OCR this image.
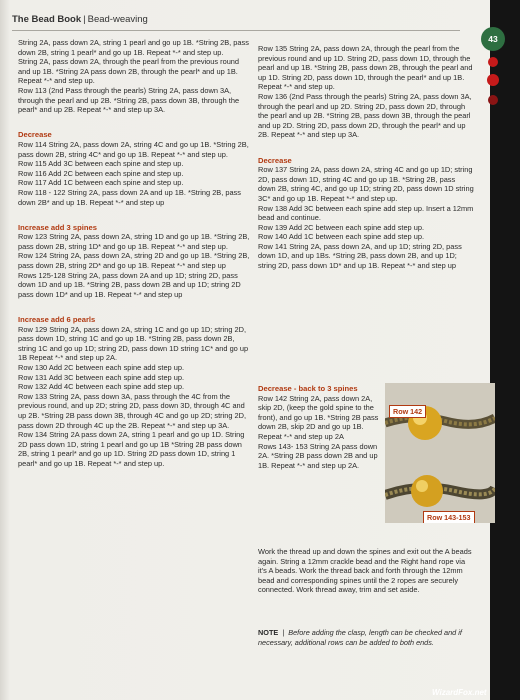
The Bead Book | Bead-weaving
43

String 2A, pass down 2A, string 1 pearl and go up 1B. *String 2B, pass down 2B, string 1 pearl* and go up 1B. Repeat *-* and step up.

String 2A, pass down 2A, through the pearl from the previous round and up 1B. *String 2A pass down 2B, through the pearl* and up 1B. Repeat *-* and step up.

Row 113 (2nd Pass through the pearls) String 2A, pass down 3A, through the pearl and up 2B. *String 2B, pass down 3B, through the pearl* and up 2B. Repeat *-* and step up 3A.

Decrease

Row 114 String 2A, pass down 2A, string 4C and go up 1B. *String 2B, pass down 2B, string 4C* and go up 1B. Repeat *-* and step up.

Row 115 Add 3C between each spine and step up.

Row 116 Add 2C between each spine and step up.

Row 117 Add 1C between each spine and step up.

Row 118 - 122 String 2A, pass down 2A and up 1B. *String 2B, pass down 2B* and up 1B. Repeat *-* and step up

Increase add 3 spines

Row 123 String 2A, pass down 2A, string 1D and go up 1B. *String 2B, pass down 2B, string 1D* and go up 1B. Repeat *-* and step up.

Row 124 String 2A, pass down 2A, string 2D and go up 1B. *String 2B, pass down 2B, string 2D* and go up 1B. Repeat *-* and step up

Rows 125-128 String 2A, pass down 2A and up 1D; string 2D, pass down 1D and up 1B. *String 2B, pass down 2B and up 1D; string 2D pass down 1D* and up 1B. Repeat *-* and step up

Increase add 6 pearls

Row 129 String 2A, pass down 2A, string 1C and go up 1D; string 2D, pass down 1D, string 1C and go up 1B. *String 2B, pass down 2B, string 1C and go up 1D; string 2D, pass down 1D string 1C* and go up 1B Repeat *-* and step up 2A.

Row 130 Add 2C between each spine add step up.

Row 131 Add 3C between each spine add step up.

Row 132 Add 4C between each spine add step up.

Row 133 String 2A, pass down 3A, pass through the 4C from the previous round, and up 2D; string 2D, pass down 3D, through 4C and up 2B. *String 2B pass down 3B, through 4C and go up 2D; string 2D, pass down 2D through 4C up the 2B. Repeat *-* and step up 3A.

Row 134 String 2A pass down 2A, string 1 pearl and go up 1D. String 2D pass down 1D, string 1 pearl and go up 1B *String 2B pass down 2B, string 1 pearl* and go up 1D. String 2D pass down 1D, string 1 pearl* and go up 1B. Repeat *-* and step up.

Row 135 String 2A, pass down 2A, through the pearl from the previous round and up 1D. String 2D, pass down 1D, through the pearl and up 1B. *String 2B, pass down 2B, through the pearl and up 1D. String 2D, pass down 1D, through the pearl* and up 1B. Repeat *-* and step up.

Row 136 (2nd Pass through the pearls) String 2A, pass down 3A, through the pearl and up 2D. String 2D, pass down 2D, through the pearl and up 2B. *String 2B, pass down 3B, through the pearl and up 2D. String 2D, pass down 2D, through the pearl* and up 2B. Repeat *-* and step up 3A.

Decrease

Row 137 String 2A, pass down 2A, string 4C and go up 1D; string 2D, pass down 1D, string 4C and go up 1B. *String 2B, pass down 2B, string 4C, and go up 1D; string 2D, pass down 1D string 3C* and go up 1B. Repeat *-* and step up.

Row 138 Add 3C between each spine add step up. Insert a 12mm bead and continue.

Row 139 Add 2C between each spine add step up.

Row 140 Add 1C between each spine add step up.

Row 141 String 2A, pass down 2A, and up 1D; string 2D, pass down 1D, and up 1Bs. *String 2B, pass down 2B, and up 1D; string 2D, pass down 1D* and up 1B. Repeat *-* and step up

Decrease - back to 3 spines

Row 142 String 2A, pass down 2A, skip 2D, (keep the gold spine to the front), and go up 1B. *String 2B pass down 2B, skip 2D and go up 1B. Repeat *-* and step up 2A

Rows 143- 153 String 2A pass down 2A. *String 2B pass down 2B and up 1B. Repeat *-* and step up 2A.

Work the thread up and down the spines and exit out the A beads again. String a 12mm crackle bead and the Right hand rope via it's A beads. Work the thread back and forth through the 12mm bead and corresponding spines until the 2 ropes are securely connected. Work thread away, trim and set aside.

Row 142
Row 143-153
NOTE | Before adding the clasp, length can be checked and if necessary, additional rows can be added to both ends.
WizardFox.net
